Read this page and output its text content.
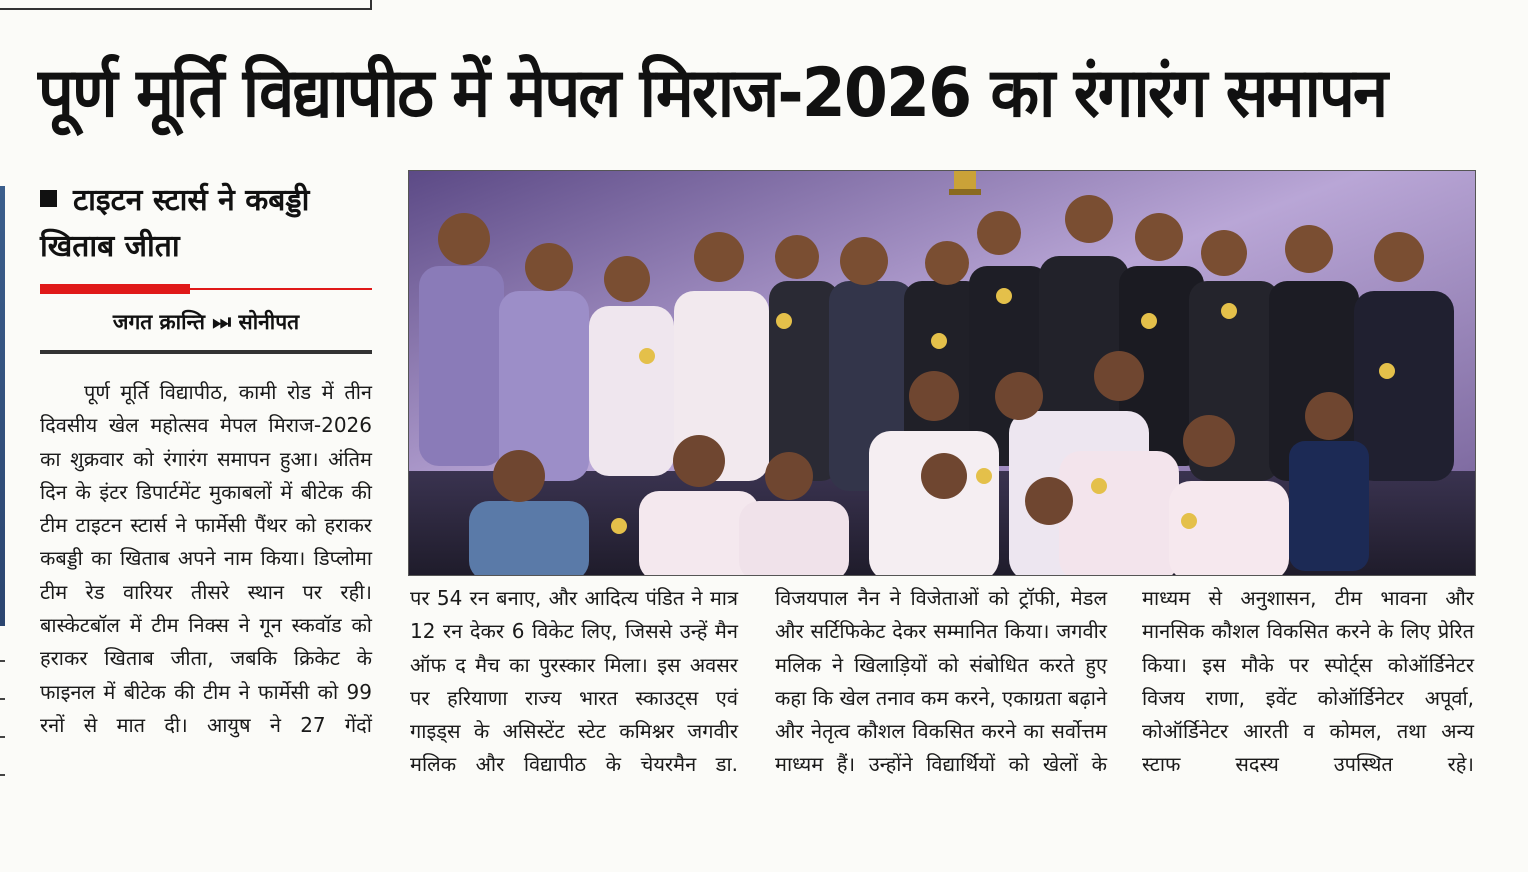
पूर्ण मूर्ति विद्यापीठ में मेपल मिराज-2026 का रंगारंग समापन
टाइटन स्टार्स ने कबड्डी खिताब जीता
जगत क्रान्ति ⏭ सोनीपत
पूर्ण मूर्ति विद्यापीठ, कामी रोड में तीन दिवसीय खेल महोत्सव मेपल मिराज-2026 का शुक्रवार को रंगारंग समापन हुआ। अंतिम दिन के इंटर डिपार्टमेंट मुकाबलों में बीटेक की टीम टाइटन स्टार्स ने फार्मेसी पैंथर को हराकर कबड्डी का खिताब अपने नाम किया। डिप्लोमा टीम रेड वारियर तीसरे स्थान पर रही। बास्केटबॉल में टीम निक्स ने गून स्कवॉड को हराकर खिताब जीता, जबकि क्रिकेट के फाइनल में बीटेक की टीम ने फार्मेसी को 99 रनों से मात दी। आयुष ने 27 गेंदों
पर 54 रन बनाए, और आदित्य पंडित ने मात्र 12 रन देकर 6 विकेट लिए, जिससे उन्हें मैन ऑफ द मैच का पुरस्कार मिला। इस अवसर पर हरियाणा राज्य भारत स्काउट्स एवं गाइड्स के असिस्टेंट स्टेट कमिश्नर जगवीर मलिक और विद्यापीठ के चेयरमैन डा.
विजयपाल नैन ने विजेताओं को ट्रॉफी, मेडल और सर्टिफिकेट देकर सम्मानित किया। जगवीर मलिक ने खिलाड़ियों को संबोधित करते हुए कहा कि खेल तनाव कम करने, एकाग्रता बढ़ाने और नेतृत्व कौशल विकसित करने का सर्वोत्तम माध्यम हैं। उन्होंने विद्यार्थियों को खेलों के
माध्यम से अनुशासन, टीम भावना और मानसिक कौशल विकसित करने के लिए प्रेरित किया। इस मौके पर स्पोर्ट्स कोऑर्डिनेटर विजय राणा, इवेंट कोऑर्डिनेटर अपूर्वा, कोऑर्डिनेटर आरती व कोमल, तथा अन्य स्टाफ सदस्य उपस्थित रहे।
